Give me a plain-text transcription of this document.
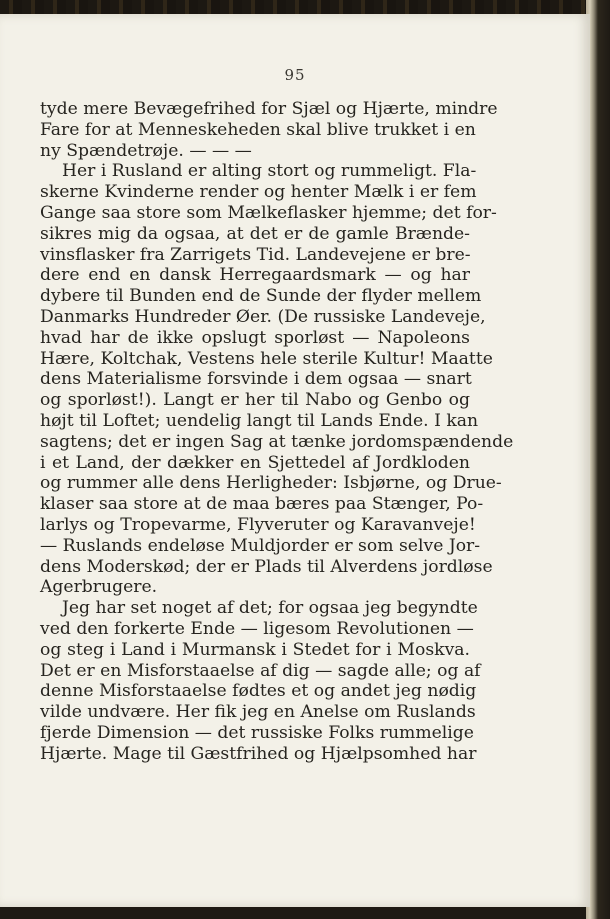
95
tyde mere Bevægefrihed for Sjæl og Hjærte, mindre
Fare for at Menneskeheden skal blive trukket i en
ny Spændetrøje. — — —
Her i Rusland er alting stort og rummeligt. Fla-
skerne Kvinderne render og henter Mælk i er fem
Gange saa store som Mælkeflasker hjemme; det for-
sikres mig da ogsaa, at det er de gamle Brænde-
vinsflasker fra Zarrigets Tid. Landevejene er bre-
dere end en dansk Herregaardsmark — og har
dybere til Bunden end de Sunde der flyder mellem
Danmarks Hundreder Øer. (De russiske Landeveje,
hvad har de ikke opslugt sporløst — Napoleons
Hære, Koltchak, Vestens hele sterile Kultur! Maatte
dens Materialisme forsvinde i dem ogsaa — snart
og sporløst!). Langt er her til Nabo og Genbo og
højt til Loftet; uendelig langt til Lands Ende. I kan
sagtens; det er ingen Sag at tænke jordomspændende
i et Land, der dækker en Sjettedel af Jordkloden
og rummer alle dens Herligheder: Isbjørne, og Drue-
klaser saa store at de maa bæres paa Stænger, Po-
larlys og Tropevarme, Flyveruter og Karavanveje!
— Ruslands endeløse Muldjorder er som selve Jor-
dens Moderskød; der er Plads til Alverdens jordløse
Agerbrugere.
Jeg har set noget af det; for ogsaa jeg begyndte
ved den forkerte Ende — ligesom Revolutionen —
og steg i Land i Murmansk i Stedet for i Moskva.
Det er en Misforstaaelse af dig — sagde alle; og af
denne Misforstaaelse fødtes et og andet jeg nødig
vilde undvære. Her fik jeg en Anelse om Ruslands
fjerde Dimension — det russiske Folks rummelige
Hjærte. Mage til Gæstfrihed og Hjælpsomhed har
